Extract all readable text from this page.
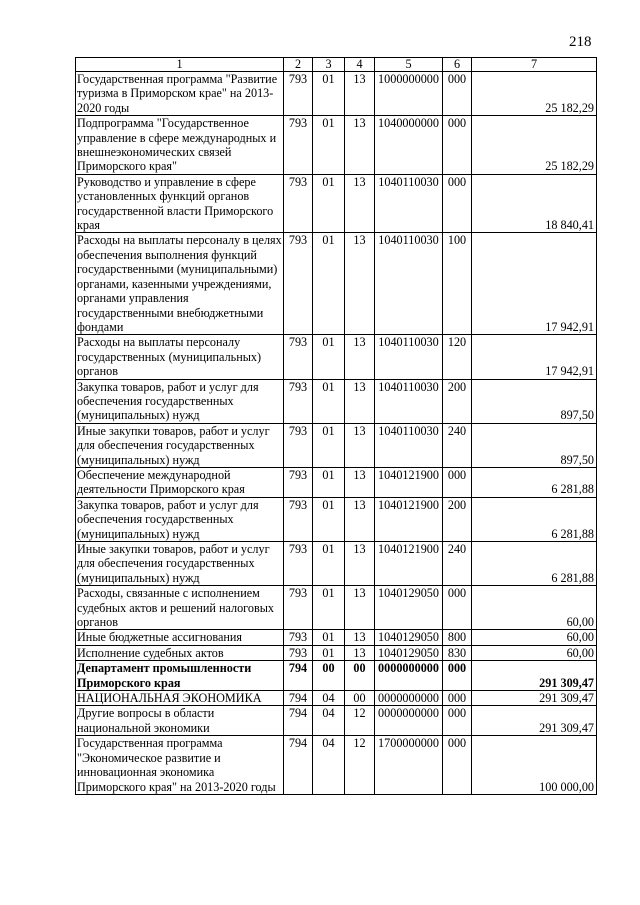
218
1	2	3	4	5	6	7
Государственная программа "Развитие туризма в Приморском крае" на 2013-2020 годы	793	01	13	1000000000	000	25 182,29
Подпрограмма "Государственное управление в сфере международных и внешнеэкономических связей Приморского края"	793	01	13	1040000000	000	25 182,29
Руководство и управление в сфере установленных функций органов государственной власти Приморского края	793	01	13	1040110030	000	18 840,41
Расходы на выплаты персоналу в целях обеспечения выполнения функций государственными (муниципальными) органами, казенными учреждениями, органами управления государственными внебюджетными фондами	793	01	13	1040110030	100	17 942,91
Расходы на выплаты персоналу государственных (муниципальных) органов	793	01	13	1040110030	120	17 942,91
Закупка товаров, работ и услуг для обеспечения государственных (муниципальных) нужд	793	01	13	1040110030	200	897,50
Иные закупки товаров, работ и услуг для обеспечения государственных (муниципальных) нужд	793	01	13	1040110030	240	897,50
Обеспечение международной деятельности Приморского края	793	01	13	1040121900	000	6 281,88
Закупка товаров, работ и услуг для обеспечения государственных (муниципальных) нужд	793	01	13	1040121900	200	6 281,88
Иные закупки товаров, работ и услуг для обеспечения государственных (муниципальных) нужд	793	01	13	1040121900	240	6 281,88
Расходы, связанные с исполнением судебных актов и решений налоговых органов	793	01	13	1040129050	000	60,00
Иные бюджетные ассигнования	793	01	13	1040129050	800	60,00
Исполнение судебных актов	793	01	13	1040129050	830	60,00
Департамент промышленности Приморского края	794	00	00	0000000000	000	291 309,47
НАЦИОНАЛЬНАЯ ЭКОНОМИКА	794	04	00	0000000000	000	291 309,47
Другие вопросы в области национальной экономики	794	04	12	0000000000	000	291 309,47
Государственная программа "Экономическое развитие и инновационная экономика Приморского края" на 2013-2020 годы	794	04	12	1700000000	000	100 000,00
